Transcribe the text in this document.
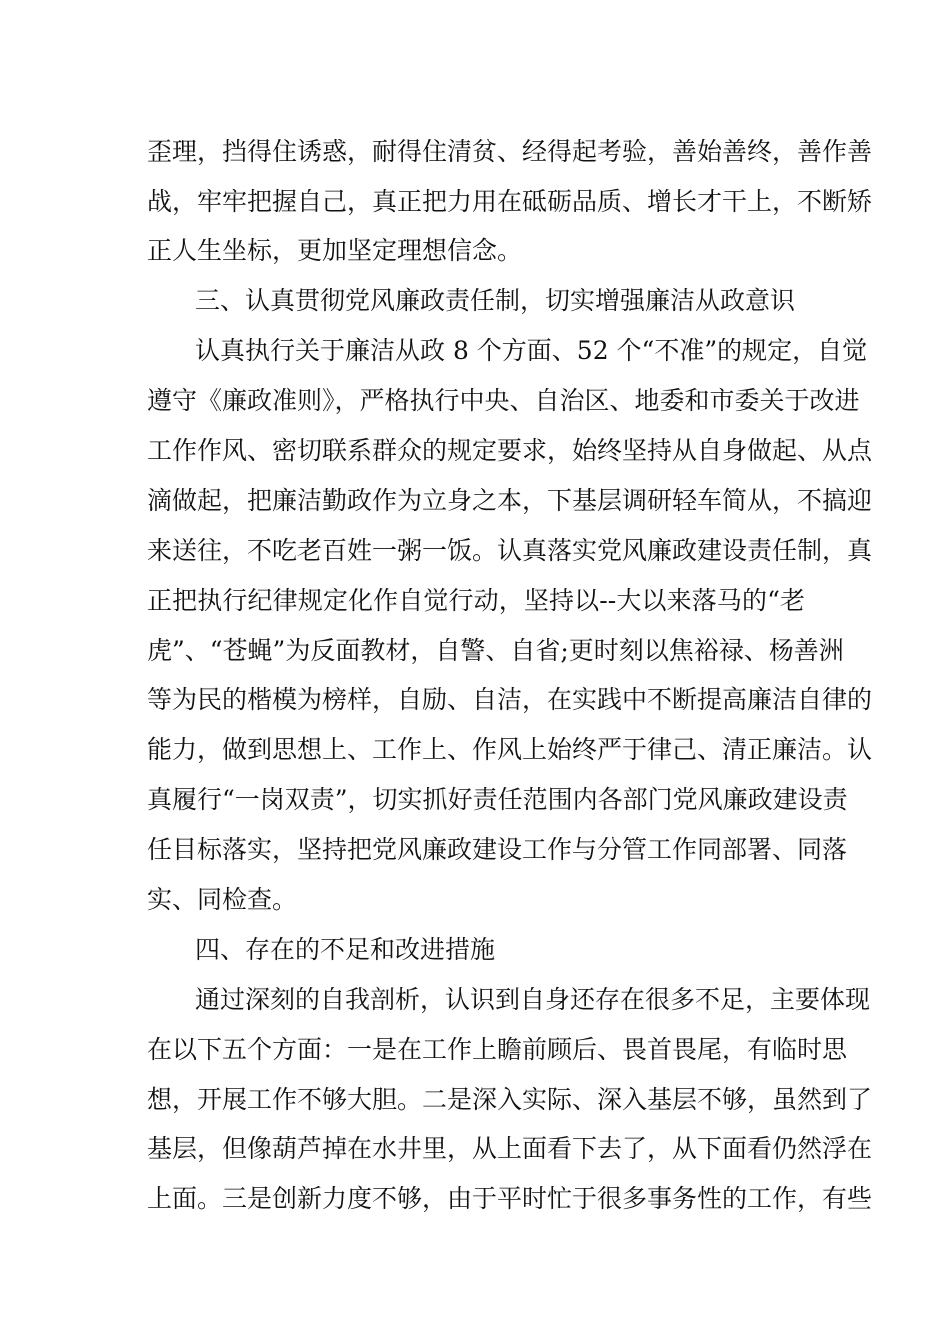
歪理，挡得住诱惑，耐得住清贫、经得起考验，善始善终，善作善
战，牢牢把握自己，真正把力用在砥砺品质、增长才干上，不断矫
正人生坐标，更加坚定理想信念。
三、认真贯彻党风廉政责任制，切实增强廉洁从政意识
认真执行关于廉洁从政 8 个方面、52 个“不准”的规定，自觉
遵守《廉政准则》，严格执行中央、自治区、地委和市委关于改进
工作作风、密切联系群众的规定要求，始终坚持从自身做起、从点
滴做起，把廉洁勤政作为立身之本，下基层调研轻车简从，不搞迎
来送往，不吃老百姓一粥一饭。认真落实党风廉政建设责任制，真
正把执行纪律规定化作自觉行动，坚持以--大以来落马的“老
虎”、“苍蝇”为反面教材，自警、自省;更时刻以焦裕禄、杨善洲
等为民的楷模为榜样，自励、自洁，在实践中不断提高廉洁自律的
能力，做到思想上、工作上、作风上始终严于律己、清正廉洁。认
真履行“一岗双责”，切实抓好责任范围内各部门党风廉政建设责
任目标落实，坚持把党风廉政建设工作与分管工作同部署、同落
实、同检查。
四、存在的不足和改进措施
通过深刻的自我剖析，认识到自身还存在很多不足，主要体现
在以下五个方面：一是在工作上瞻前顾后、畏首畏尾，有临时思
想，开展工作不够大胆。二是深入实际、深入基层不够，虽然到了
基层，但像葫芦掉在水井里，从上面看下去了，从下面看仍然浮在
上面。三是创新力度不够，由于平时忙于很多事务性的工作，有些
